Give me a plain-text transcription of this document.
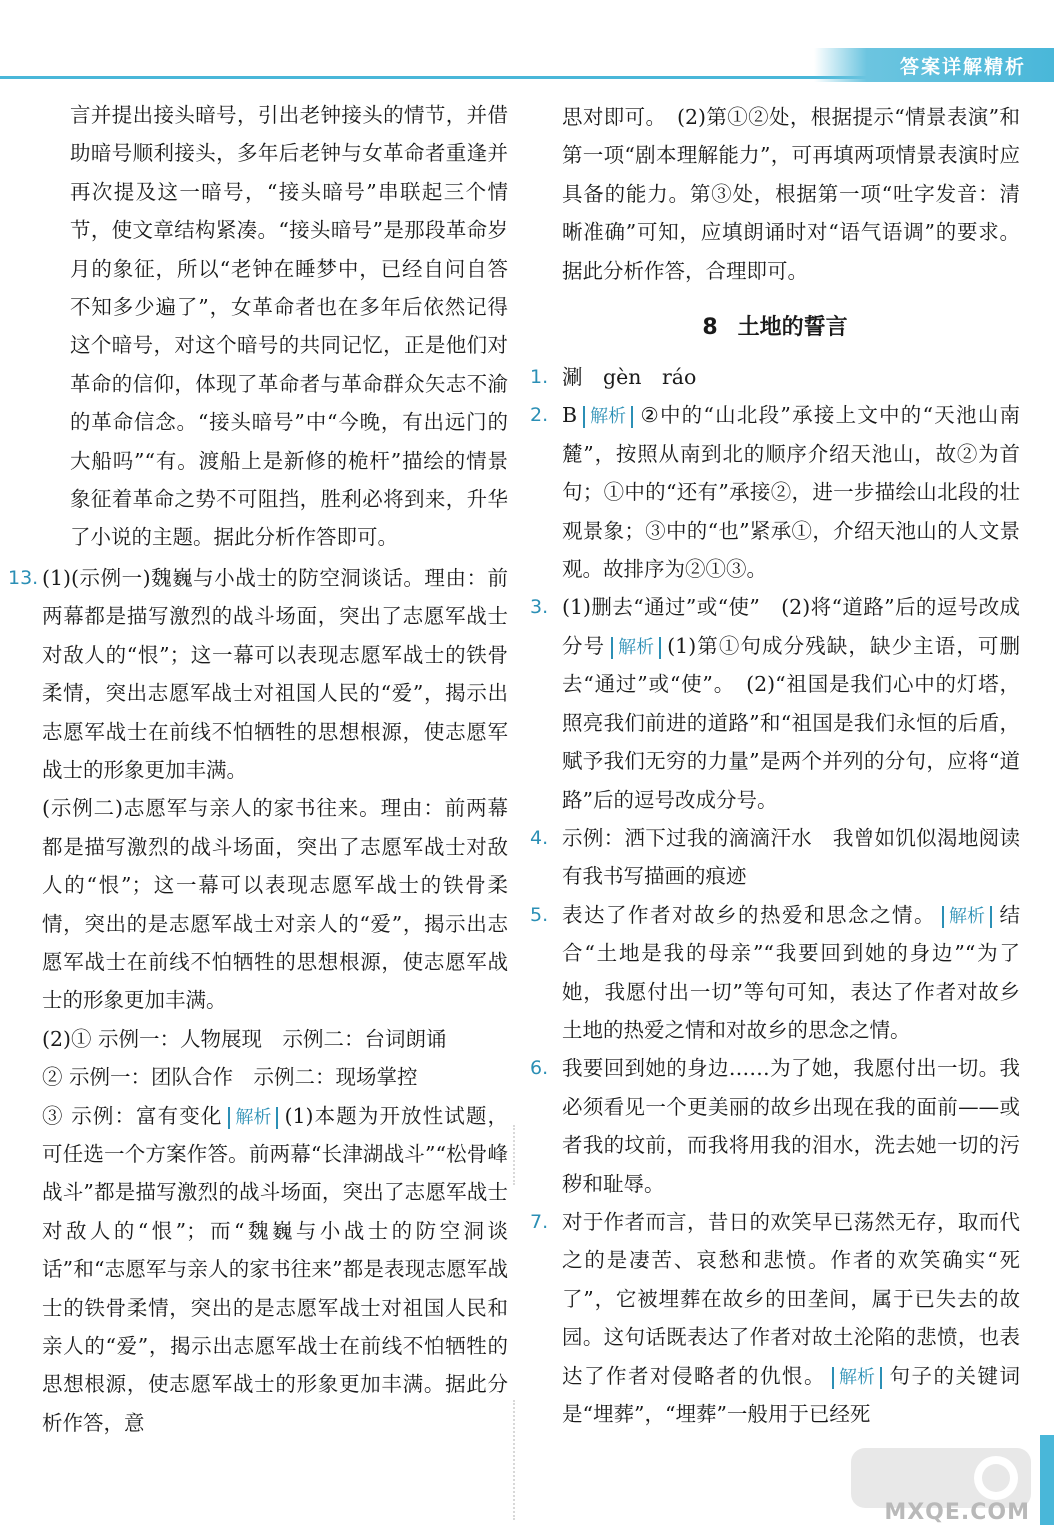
答案详解精析

言并提出接头暗号，引出老钟接头的情节，并借助暗号顺利接头，多年后老钟与女革命者重逢并再次提及这一暗号，“接头暗号”串联起三个情节，使文章结构紧凑。“接头暗号”是那段革命岁月的象征，所以“老钟在睡梦中，已经自问自答不知多少遍了”，女革命者也在多年后依然记得这个暗号，对这个暗号的共同记忆，正是他们对革命的信仰，体现了革命者与革命群众矢志不渝的革命信念。“接头暗号”中“今晚，有出远门的大船吗”“有。渡船上是新修的桅杆”描绘的情景象征着革命之势不可阻挡，胜利必将到来，升华了小说的主题。据此分析作答即可。

13. (1)(示例一)魏巍与小战士的防空洞谈话。理由：前两幕都是描写激烈的战斗场面，突出了志愿军战士对敌人的“恨”；这一幕可以表现志愿军战士的铁骨柔情，突出志愿军战士对祖国人民的“爱”，揭示出志愿军战士在前线不怕牺牲的思想根源，使志愿军战士的形象更加丰满。

(示例二)志愿军与亲人的家书往来。理由：前两幕都是描写激烈的战斗场面，突出了志愿军战士对敌人的“恨”；这一幕可以表现志愿军战士的铁骨柔情，突出的是志愿军战士对亲人的“爱”，揭示出志愿军战士在前线不怕牺牲的思想根源，使志愿军战士的形象更加丰满。

(2)① 示例一：人物展现　示例二：台词朗诵

② 示例一：团队合作　示例二：现场掌控

③ 示例：富有变化 解析 (1)本题为开放性试题，可任选一个方案作答。前两幕“长津湖战斗”“松骨峰战斗”都是描写激烈的战斗场面，突出了志愿军战士对敌人的“恨”；而“魏巍与小战士的防空洞谈话”和“志愿军与亲人的家书往来”都是表现志愿军战士的铁骨柔情，突出的是志愿军战士对祖国人民和亲人的“爱”，揭示出志愿军战士在前线不怕牺牲的思想根源，使志愿军战士的形象更加丰满。据此分析作答，意

思对即可。　(2)第①②处，根据提示“情景表演”和第一项“剧本理解能力”，可再填两项情景表演时应具备的能力。第③处，根据第一项“吐字发音：清晰准确”可知，应填朗诵时对“语气语调”的要求。据此分析作答，合理即可。

8 土地的誓言
1. 涮　gèn　ráo

2. B 解析 ②中的“山北段”承接上文中的“天池山南麓”，按照从南到北的顺序介绍天池山，故②为首句；①中的“还有”承接②，进一步描绘山北段的壮观景象；③中的“也”紧承①，介绍天池山的人文景观。故排序为②①③。

3. (1)删去“通过”或“使”　(2)将“道路”后的逗号改成分号 解析 (1)第①句成分残缺，缺少主语，可删去“通过”或“使”。　(2)“祖国是我们心中的灯塔，照亮我们前进的道路”和“祖国是我们永恒的后盾，赋予我们无穷的力量”是两个并列的分句，应将“道路”后的逗号改成分号。

4. 示例：洒下过我的滴滴汗水　我曾如饥似渴地阅读　有我书写描画的痕迹

5. 表达了作者对故乡的热爱和思念之情。 解析 结合“土地是我的母亲”“我要回到她的身边”“为了她，我愿付出一切”等句可知，表达了作者对故乡土地的热爱之情和对故乡的思念之情。

6. 我要回到她的身边……为了她，我愿付出一切。我必须看见一个更美丽的故乡出现在我的面前——或者我的坟前，而我将用我的泪水，洗去她一切的污秽和耻辱。

7. 对于作者而言，昔日的欢笑早已荡然无存，取而代之的是凄苦、哀愁和悲愤。作者的欢笑确实“死了”，它被埋葬在故乡的田垄间，属于已失去的故园。这句话既表达了作者对故土沦陷的悲愤，也表达了作者对侵略者的仇恨。 解析 句子的关键词是“埋葬”，“埋葬”一般用于已经死

MXQE.COM
